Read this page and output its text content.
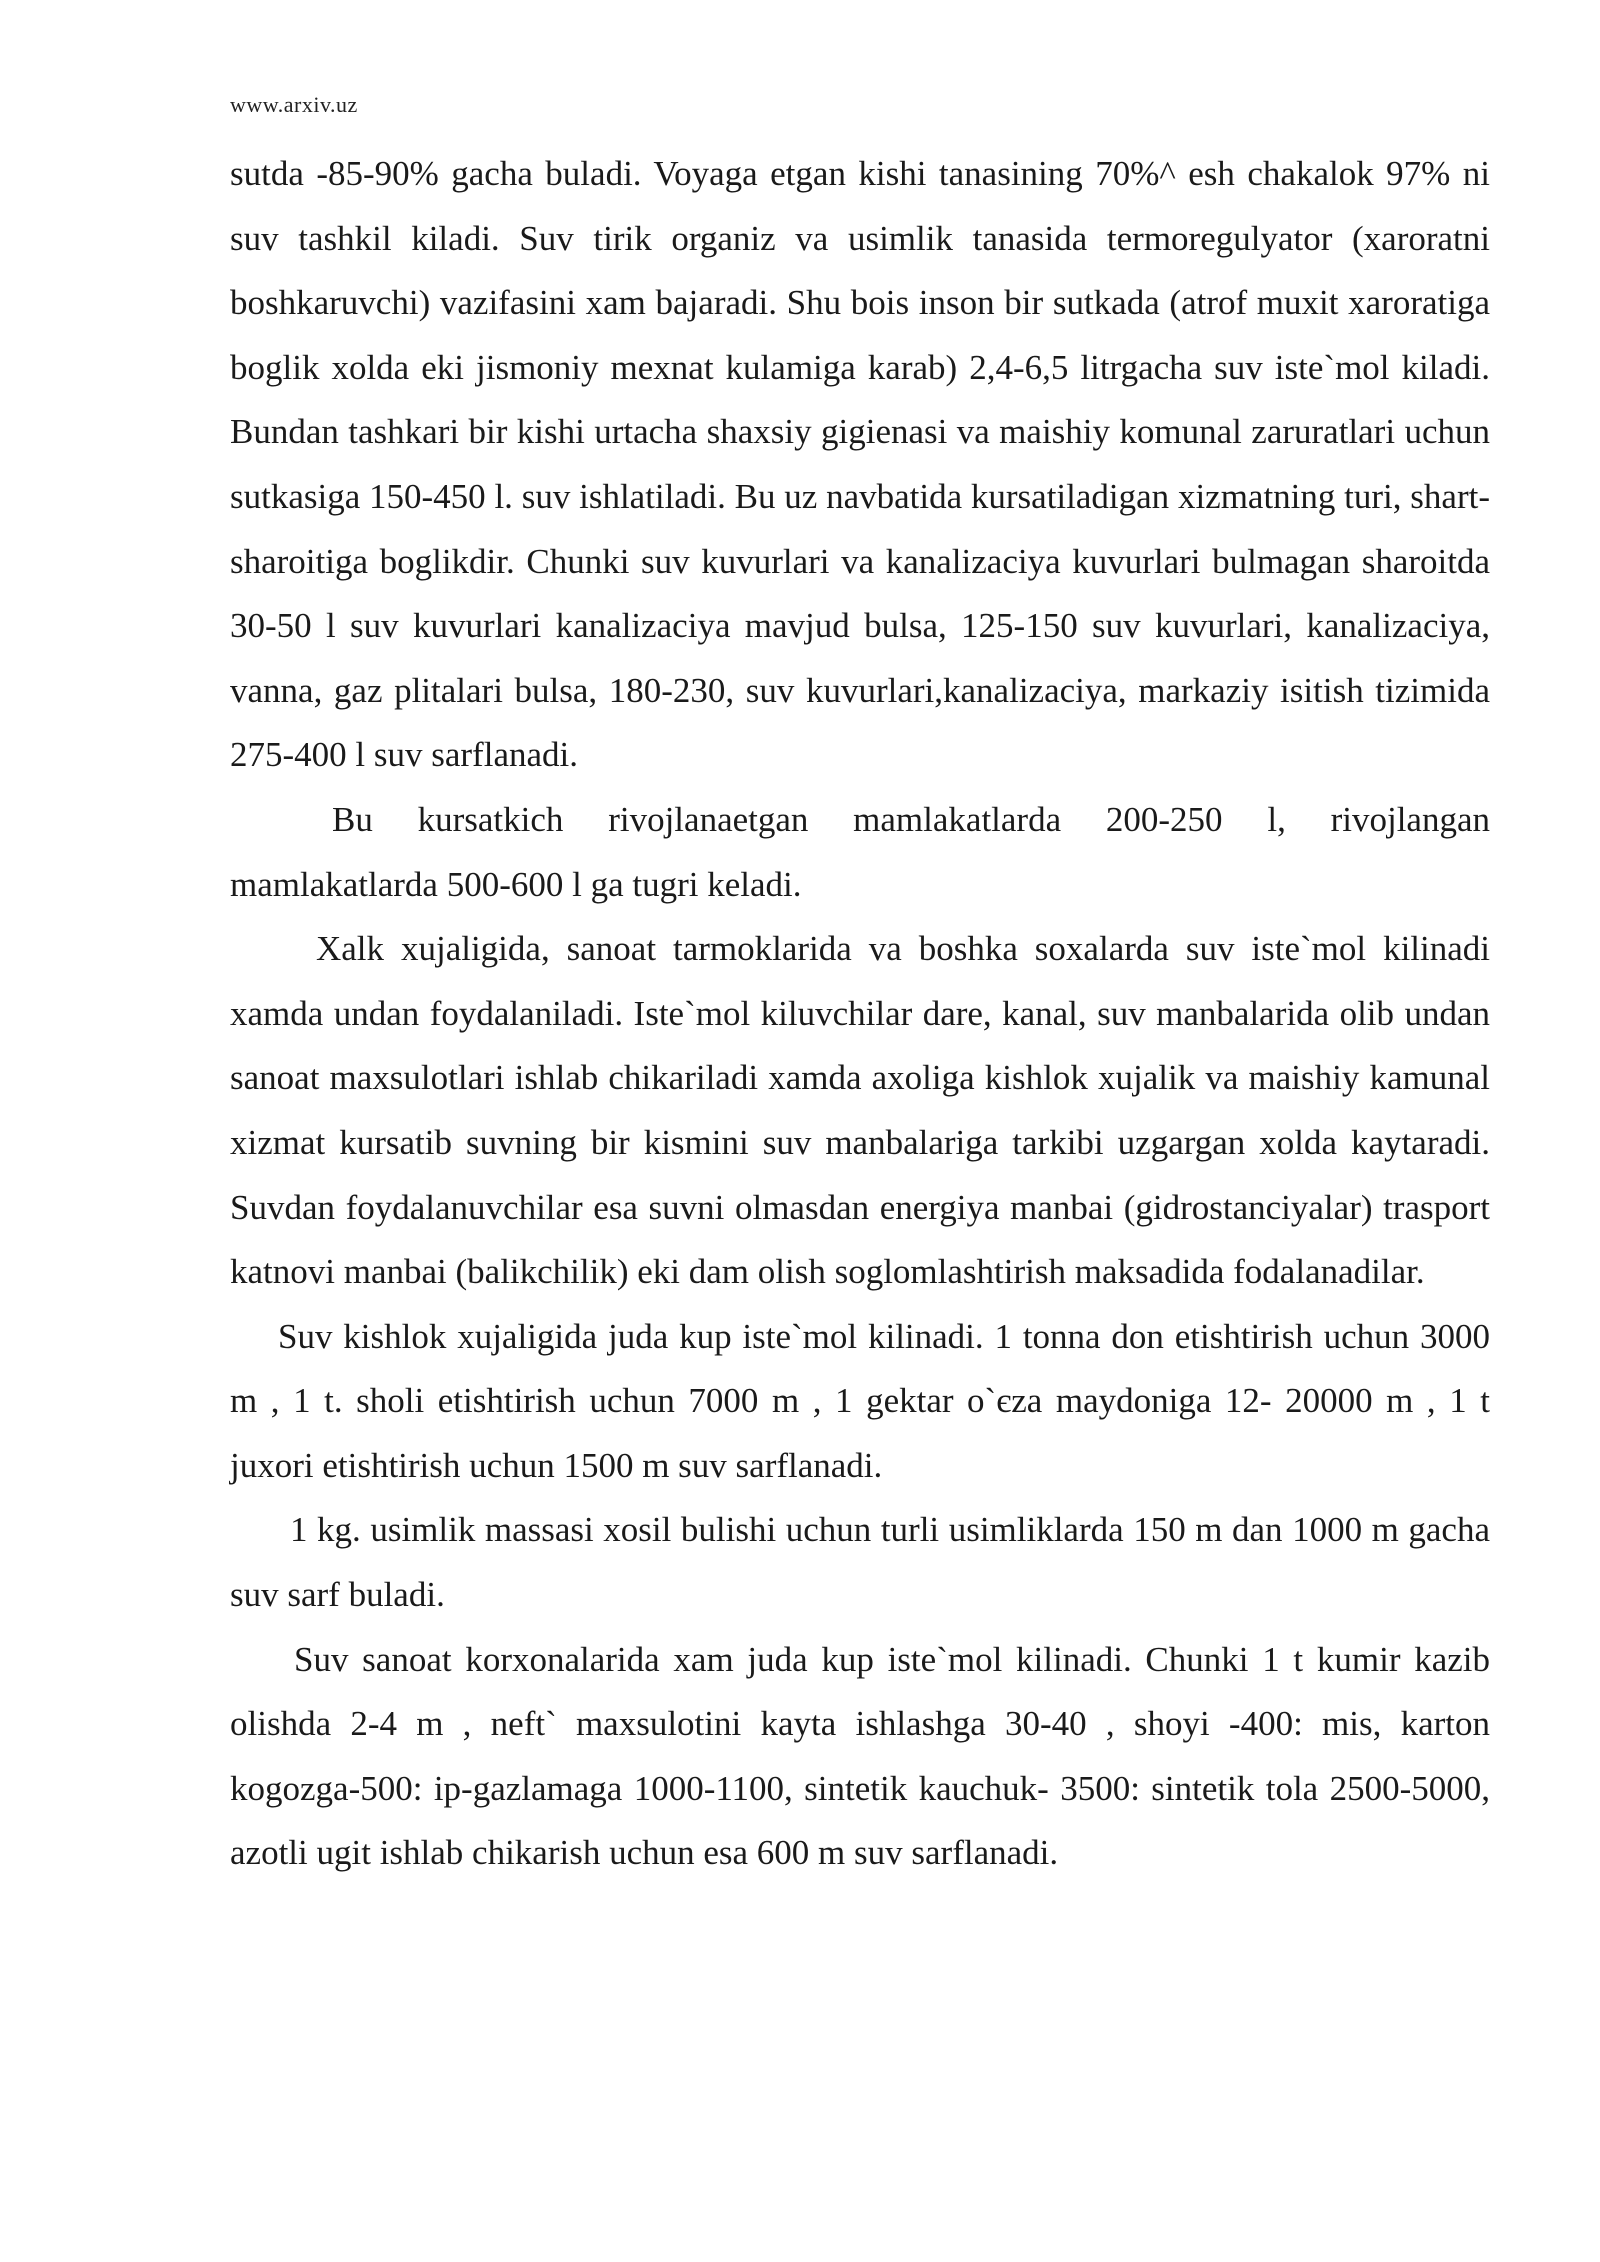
www.arxiv.uz

sutda -85-90% gacha buladi. Voyaga etgan kishi tanasining 70%^ esh chakalok 97% ni suv tashkil kiladi. Suv tirik organiz va usimlik tanasida termoregulyator (xaroratni boshkaruvchi) vazifasini xam bajaradi. Shu bois inson bir sutkada (atrof muxit xaroratiga boglik xolda eki jismoniy mexnat kulamiga karab) 2,4-6,5 litrgacha suv iste`mol kiladi. Bundan tashkari bir kishi urtacha shaxsiy gigienasi va maishiy komunal zaruratlari uchun sutkasiga 150-450 l. suv ishlatiladi. Bu uz navbatida kursatiladigan xizmatning turi, shart-sharoitiga boglikdir. Chunki suv kuvurlari va kanalizaciya kuvurlari bulmagan sharoitda 30-50 l suv kuvurlari kanalizaciya mavjud bulsa, 125-150 suv kuvurlari, kanalizaciya, vanna, gaz plitalari bulsa, 180-230, suv kuvurlari,kanalizaciya, markaziy isitish tizimida 275-400 l suv sarflanadi.

Bu kursatkich rivojlanaetgan mamlakatlarda 200-250 l, rivojlangan mamlakatlarda 500-600 l ga tugri keladi.

Xalk xujaligida, sanoat tarmoklarida va boshka soxalarda suv iste`mol kilinadi xamda undan foydalaniladi. Iste`mol kiluvchilar dare, kanal, suv manbalarida olib undan sanoat maxsulotlari ishlab chikariladi xamda axoliga kishlok xujalik va maishiy kamunal xizmat kursatib suvning bir kismini suv manbalariga tarkibi uzgargan xolda kaytaradi. Suvdan foydalanuvchilar esa suvni olmasdan energiya manbai (gidrostanciyalar) trasport katnovi manbai (balikchilik) eki dam olish soglomlashtirish maksadida fodalanadilar.

Suv kishlok xujaligida juda kup iste`mol kilinadi. 1 tonna don etishtirish uchun 3000 m , 1 t. sholi etishtirish uchun 7000 m , 1 gektar o`єza maydoniga 12- 20000 m , 1 t juxori etishtirish uchun 1500 m suv sarflanadi.

1 kg. usimlik massasi xosil bulishi uchun turli usimliklarda 150 m dan 1000 m gacha suv sarf buladi.

Suv sanoat korxonalarida xam juda kup iste`mol kilinadi. Chunki 1 t kumir kazib olishda 2-4 m , neft` maxsulotini kayta ishlashga 30-40 , shoyi -400: mis, karton kogozga-500: ip-gazlamaga 1000-1100, sintetik kauchuk- 3500: sintetik tola 2500-5000, azotli ugit ishlab chikarish uchun esa 600 m suv sarflanadi.
